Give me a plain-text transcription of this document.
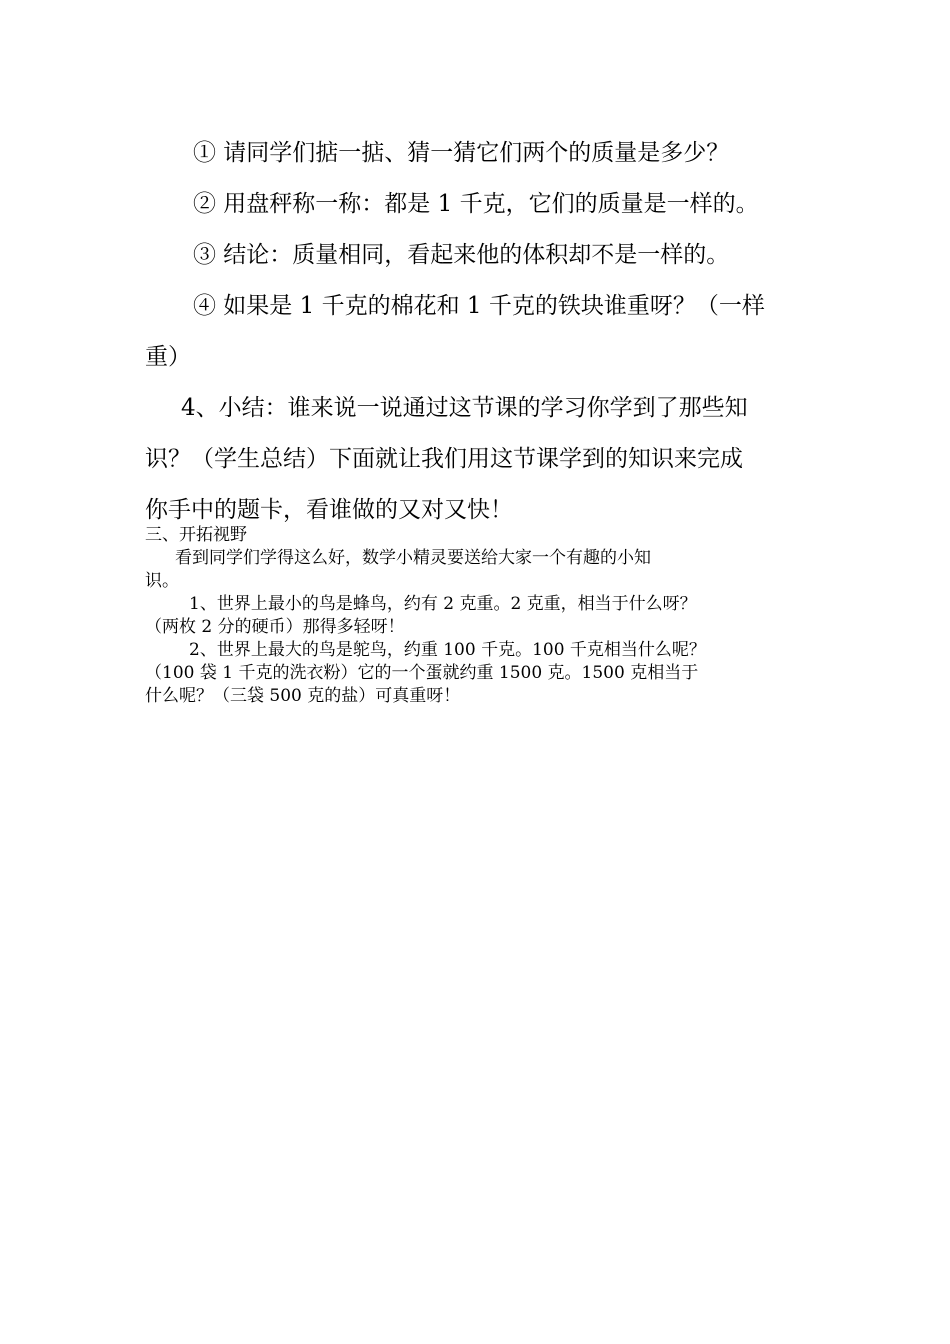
① 请同学们掂一掂、猜一猜它们两个的质量是多少？

② 用盘秤称一称：都是 1 千克，它们的质量是一样的。

③ 结论：质量相同，看起来他的体积却不是一样的。

④ 如果是 1 千克的棉花和 1 千克的铁块谁重呀？（一样

重）

4、小结：谁来说一说通过这节课的学习你学到了那些知

识？（学生总结）下面就让我们用这节课学到的知识来完成

你手中的题卡，看谁做的又对又快！

三、开拓视野

看到同学们学得这么好，数学小精灵要送给大家一个有趣的小知

识。

1、世界上最小的鸟是蜂鸟，约有 2 克重。2 克重，相当于什么呀？

（两枚 2 分的硬币）那得多轻呀！

2、世界上最大的鸟是鸵鸟，约重 100 千克。100 千克相当什么呢？

（100 袋 1 千克的洗衣粉）它的一个蛋就约重 1500 克。1500 克相当于

什么呢？（三袋 500 克的盐）可真重呀！
